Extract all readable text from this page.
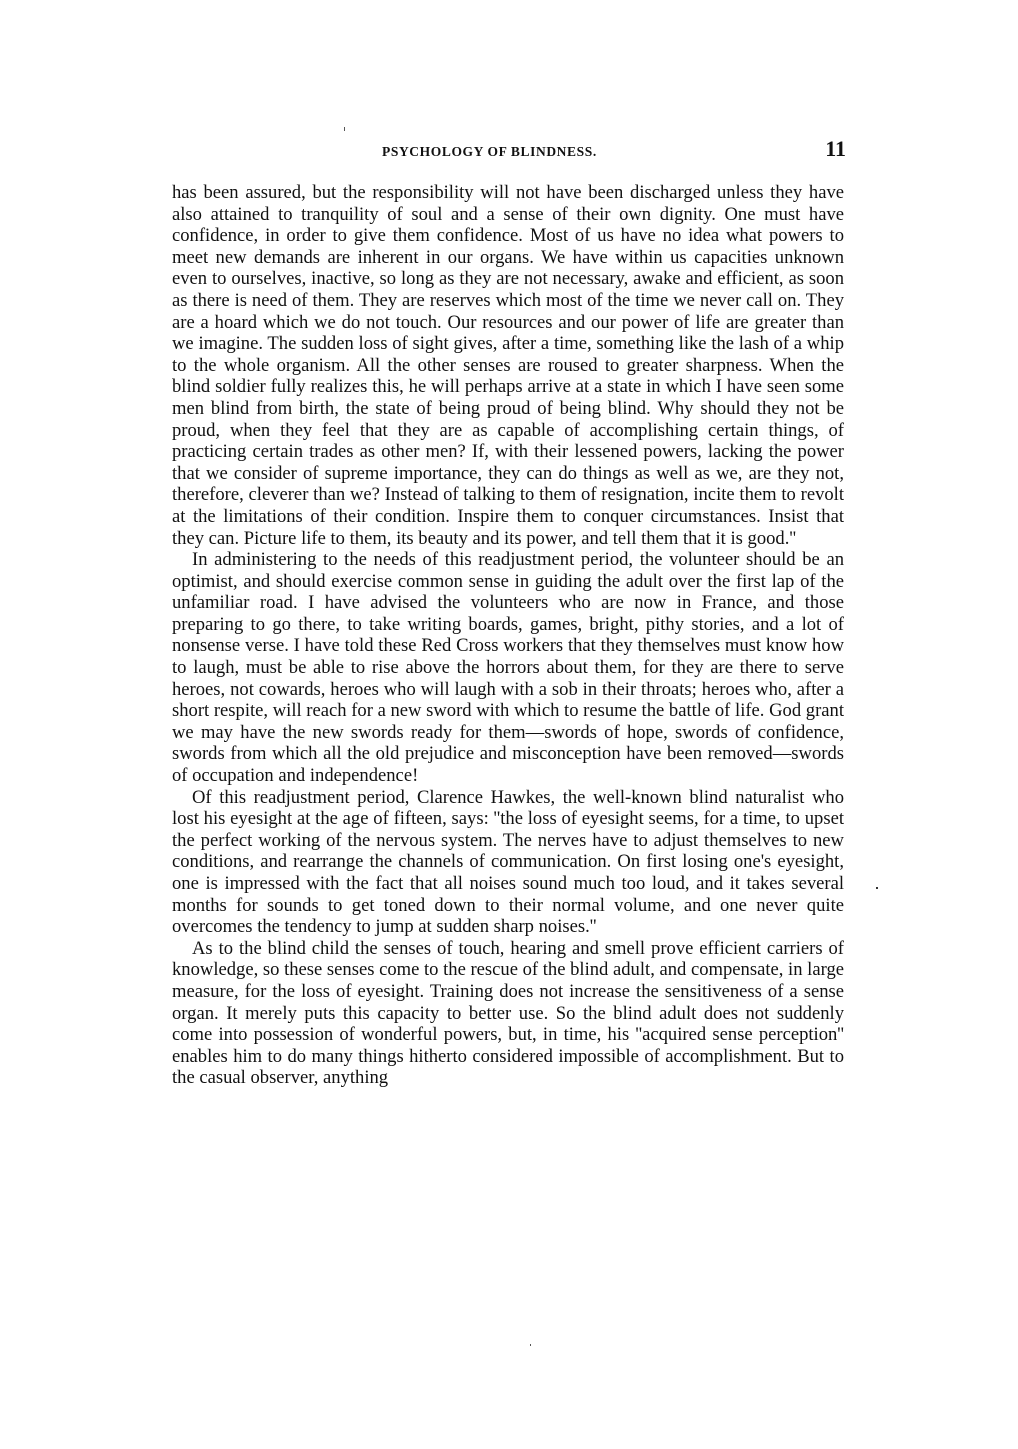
PSYCHOLOGY OF BLINDNESS.	11

has been assured, but the responsibility will not have been discharged unless they have also attained to tranquility of soul and a sense of their own dignity. One must have confidence, in order to give them confidence. Most of us have no idea what powers to meet new demands are inherent in our organs. We have within us capacities unknown even to ourselves, inactive, so long as they are not necessary, awake and efficient, as soon as there is need of them. They are reserves which most of the time we never call on. They are a hoard which we do not touch. Our resources and our power of life are greater than we imagine. The sudden loss of sight gives, after a time, something like the lash of a whip to the whole organism. All the other senses are roused to greater sharpness. When the blind soldier fully realizes this, he will perhaps arrive at a state in which I have seen some men blind from birth, the state of being proud of being blind. Why should they not be proud, when they feel that they are as capable of accomplishing certain things, of practicing certain trades as other men? If, with their lessened powers, lacking the power that we consider of supreme importance, they can do things as well as we, are they not, therefore, cleverer than we? Instead of talking to them of resignation, incite them to revolt at the limitations of their condition. Inspire them to conquer circumstances. Insist that they can. Picture life to them, its beauty and its power, and tell them that it is good.''

In administering to the needs of this readjustment period, the volunteer should be an optimist, and should exercise common sense in guiding the adult over the first lap of the unfamiliar road. I have advised the volunteers who are now in France, and those preparing to go there, to take writing boards, games, bright, pithy stories, and a lot of nonsense verse. I have told these Red Cross workers that they themselves must know how to laugh, must be able to rise above the horrors about them, for they are there to serve heroes, not cowards, heroes who will laugh with a sob in their throats; heroes who, after a short respite, will reach for a new sword with which to resume the battle of life. God grant we may have the new swords ready for them—swords of hope, swords of confidence, swords from which all the old prejudice and misconception have been removed—swords of occupation and independence!

Of this readjustment period, Clarence Hawkes, the well-known blind naturalist who lost his eyesight at the age of fifteen, says: ''the loss of eyesight seems, for a time, to upset the perfect working of the nervous system. The nerves have to adjust themselves to new conditions, and rearrange the channels of communication. On first losing one's eyesight, one is impressed with the fact that all noises sound much too loud, and it takes several months for sounds to get toned down to their normal volume, and one never quite overcomes the tendency to jump at sudden sharp noises.''

As to the blind child the senses of touch, hearing and smell prove efficient carriers of knowledge, so these senses come to the rescue of the blind adult, and compensate, in large measure, for the loss of eyesight. Training does not increase the sensitiveness of a sense organ. It merely puts this capacity to better use. So the blind adult does not suddenly come into possession of wonderful powers, but, in time, his ''acquired sense perception'' enables him to do many things hitherto considered impossible of accomplishment. But to the casual observer, anything
